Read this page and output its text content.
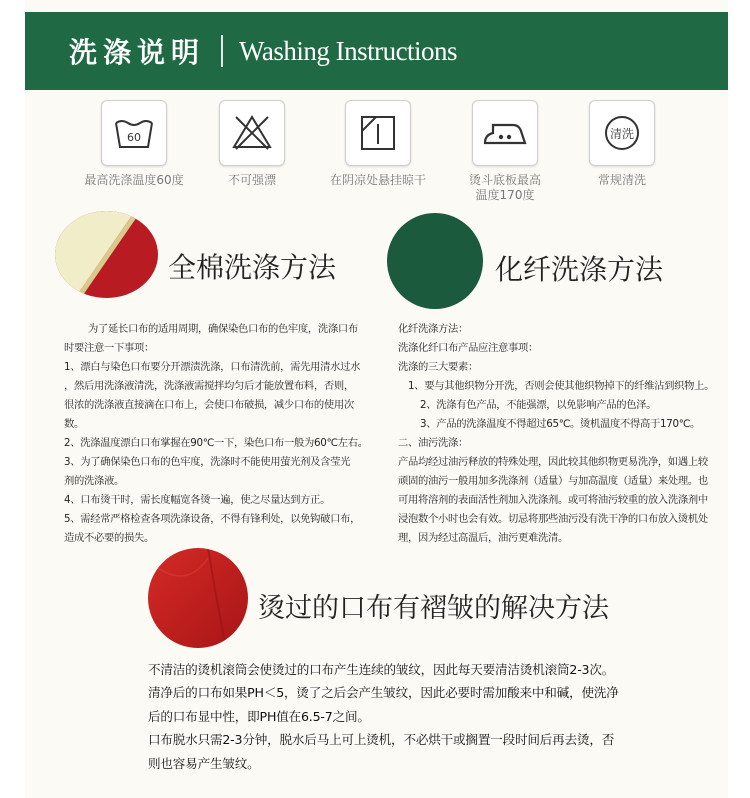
洗涤说明 Washing Instructions
60
最高洗涤温度60度	不可强漂	在阴凉处悬挂晾干	烫斗底板最高温度170度
清洗
常规清洗
全棉洗涤方法

为了延长口布的适用周期，确保染色口布的色牢度，洗涤口布

时要注意一下事项：

1、漂白与染色口布要分开漂渍洗涤，口布清洗前，需先用清水过水

，然后用洗涤液清洗，洗涤液需搅拌均匀后才能放置布料，否则，

很浓的洗涤液直接滴在口布上，会使口布破损，减少口布的使用次

数。

2、洗涤温度漂白口布掌握在90℃一下，染色口布一般为60℃左右。

3、为了确保染色口布的色牢度，洗涤时不能使用萤光剂及含莹光

剂的洗涤液。

4、口布烫干时，需长度幅宽各烫一遍，使之尽量达到方正。

5、需经常严格检查各项洗涤设备，不得有锋利处，以免钩破口布，

造成不必要的损失。

化纤洗涤方法

化纤洗涤方法：

洗涤化纤口布产品应注意事项：

洗涤的三大要素：

1、要与其他织物分开洗，否则会使其他织物掉下的纤维沾到织物上。

2、洗涤有色产品，不能强漂，以免影响产品的色泽。

3、产品的洗涤温度不得超过65℃。烫机温度不得高于170℃。

二、油污洗涤：

产品均经过油污释放的特殊处理，因此较其他织物更易洗净，如遇上较

顽固的油污一般用加多洗涤剂（适量）与加高温度（适量）来处理。也

可用将溶剂的表面活性剂加入洗涤剂。或可将油污较重的放入洗涤剂中

浸泡数个小时也会有效。切忌将那些油污没有洗干净的口布放入烫机处

理，因为经过高温后，油污更难洗清。

烫过的口布有褶皱的解决方法

不清洁的烫机滚筒会使烫过的口布产生连续的皱纹，因此每天要清洁烫机滚筒2-3次。

清净后的口布如果PH＜5，烫了之后会产生皱纹，因此必要时需加酸来中和碱，使洗净

后的口布显中性，即PH值在6.5-7之间。

口布脱水只需2-3分钟，脱水后马上可上烫机，不必烘干或搁置一段时间后再去烫，否

则也容易产生皱纹。
